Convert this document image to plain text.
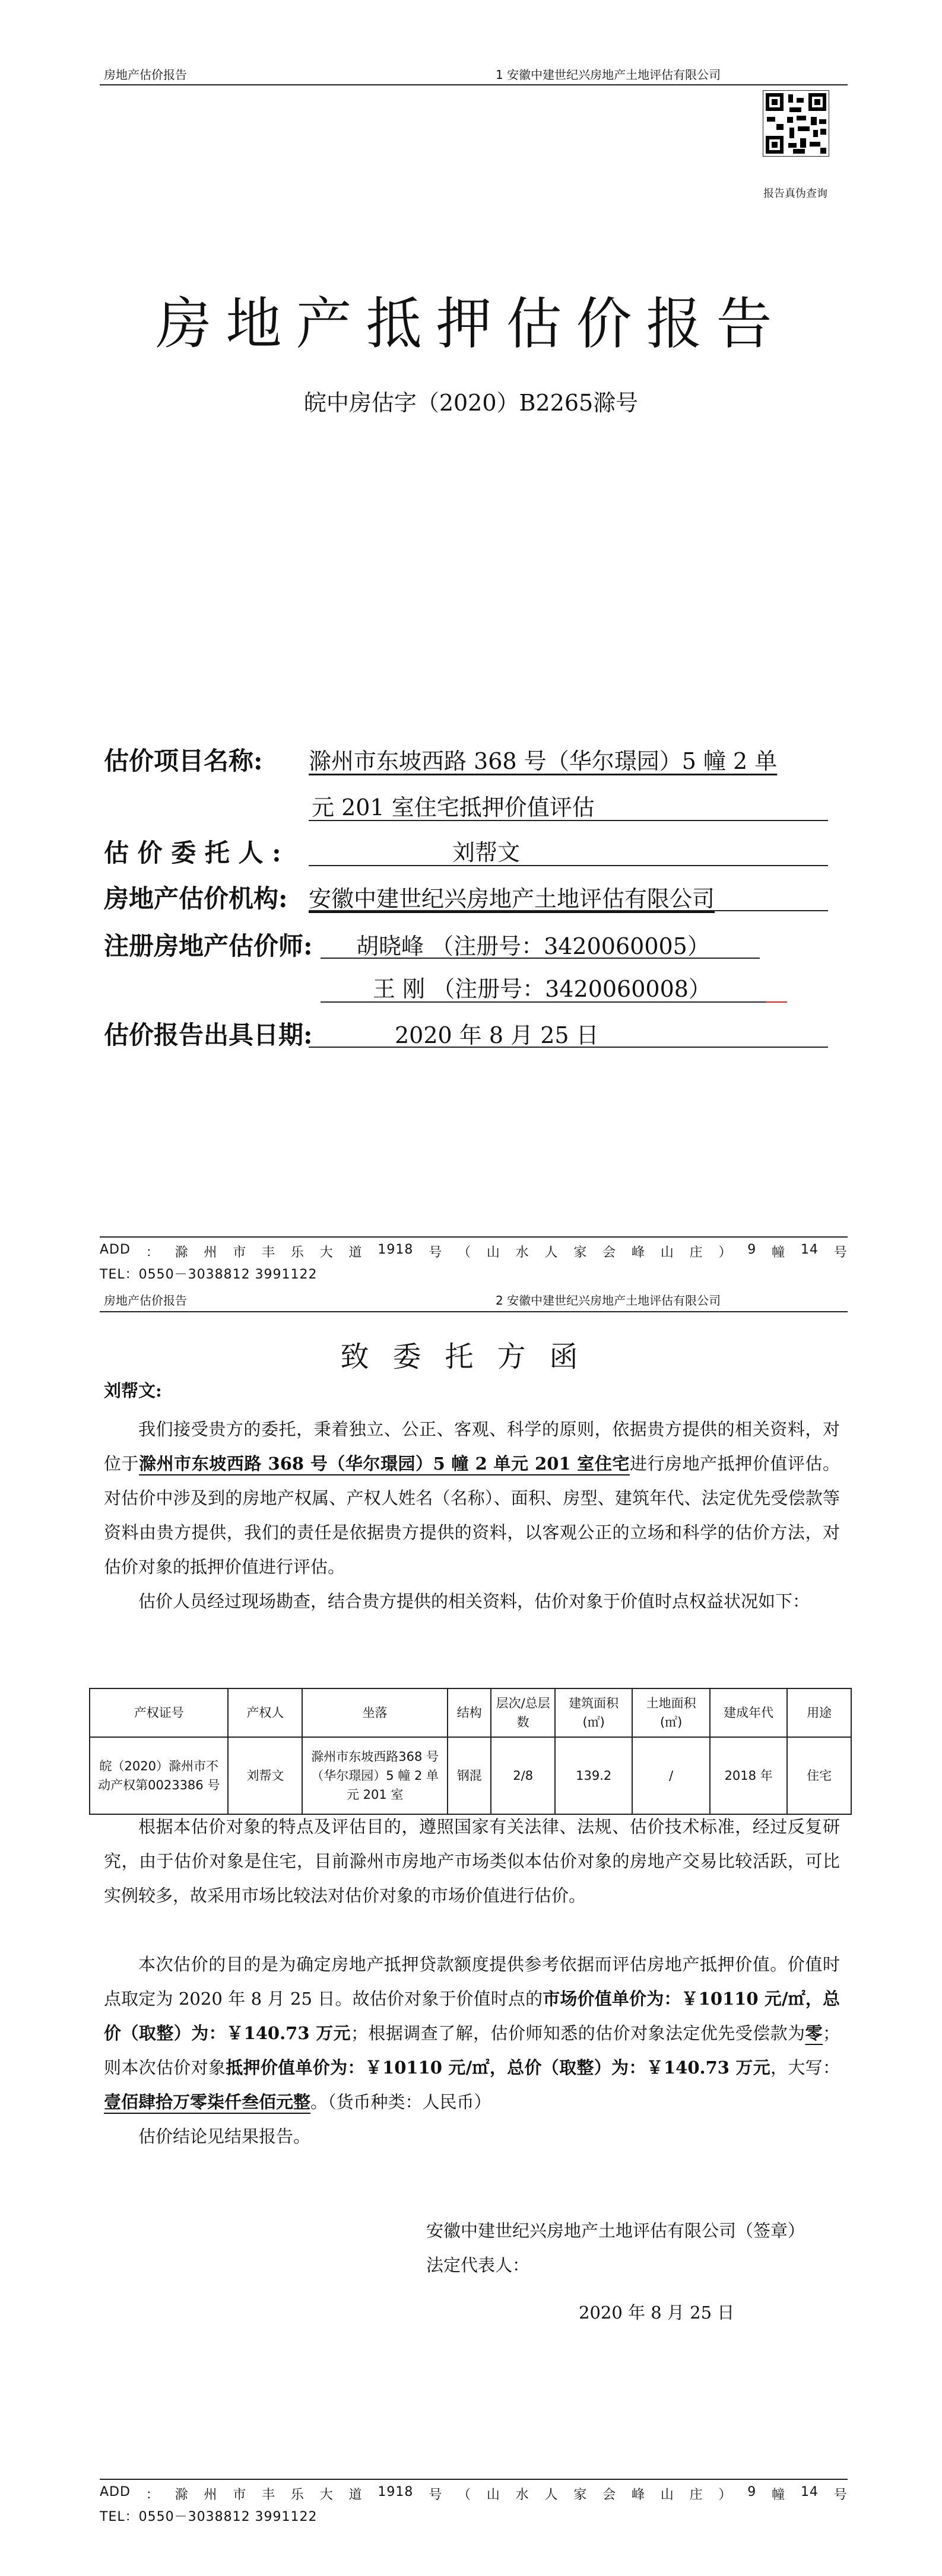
房地产估价报告	1 安徽中建世纪兴房地产土地评估有限公司
报告真伪查询
房地产抵押估价报告
皖中房估字（2020）B2265滁号
估价项目名称: 滁州市东坡西路 368 号（华尔璟园）5 幢 2 单
元 201 室住宅抵押价值评估
估 价 委 托 人 :	刘帮文
房地产估价机构: 安徽中建世纪兴房地产土地评估有限公司
注册房地产估价师: 胡晓峰 （注册号：3420060005）
王 刚 （注册号：3420060008）
估价报告出具日期:	2020 年 8 月 25 日
ADD ： 滁 州 市 丰 乐 大 道 1918 号 （ 山 水 人 家 会 峰 山 庄 ） 9 幢 14 号
TEL：0550－3038812 3991122
房地产估价报告	2 安徽中建世纪兴房地产土地评估有限公司
致委托方函
刘帮文:
我们接受贵方的委托，秉着独立、公正、客观、科学的原则，依据贵方提供的相关资料，对位于滁州市东坡西路 368 号（华尔璟园）5 幢 2 单元 201 室住宅进行房地产抵押价值评估。对估价中涉及到的房地产权属、产权人姓名（名称）、面积、房型、建筑年代、法定优先受偿款等资料由贵方提供，我们的责任是依据贵方提供的资料，以客观公正的立场和科学的估价方法，对估价对象的抵押价值进行评估。
估价人员经过现场勘查，结合贵方提供的相关资料，估价对象于价值时点权益状况如下：
产权证号	产权人	坐落	结构	层次/总层数	建筑面积(㎡)	土地面积(㎡)	建成年代	用途
皖（2020）滁州市不动产权第0023386 号	刘帮文	滁州市东坡西路368 号（华尔璟园）5 幢 2 单元 201 室	钢混	2/8	139.2	/	2018 年	住宅
根据本估价对象的特点及评估目的，遵照国家有关法律、法规、估价技术标准，经过反复研究，由于估价对象是住宅，目前滁州市房地产市场类似本估价对象的房地产交易比较活跃，可比实例较多，故采用市场比较法对估价对象的市场价值进行估价。
本次估价的目的是为确定房地产抵押贷款额度提供参考依据而评估房地产抵押价值。价值时点取定为 2020 年 8 月 25 日。故估价对象于价值时点的市场价值单价为：￥10110 元/㎡，总价（取整）为：￥140.73 万元；根据调查了解，估价师知悉的估价对象法定优先受偿款为零；则本次估价对象抵押价值单价为：￥10110 元/㎡，总价（取整）为：￥140.73 万元，大写：壹佰肆拾万零柒仟叁佰元整。（货币种类：人民币）
估价结论见结果报告。
安徽中建世纪兴房地产土地评估有限公司（签章）
法定代表人：
2020 年 8 月 25 日
ADD ： 滁 州 市 丰 乐 大 道 1918 号 （ 山 水 人 家 会 峰 山 庄 ） 9 幢 14 号
TEL：0550－3038812 3991122
